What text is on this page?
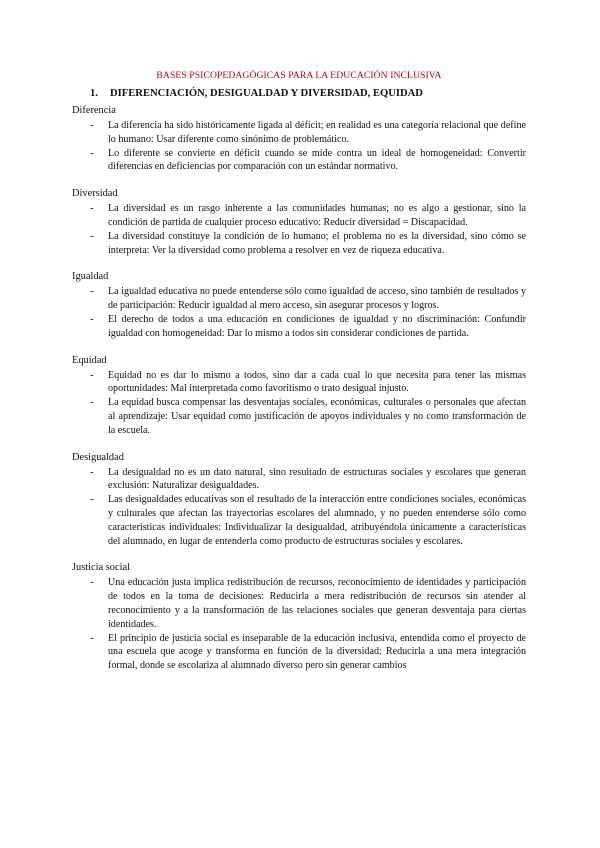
BASES PSICOPEDAGÓGICAS PARA LA EDUCACIÓN INCLUSIVA
1.	DIFERENCIACIÓN, DESIGUALDAD Y DIVERSIDAD, EQUIDAD
Diferencia
- La diferencia ha sido históricamente ligada al déficit; en realidad es una categoría relacional que define lo humano: Usar diferente como sinónimo de problemático.
- Lo diferente se convierte en déficit cuando se mide contra un ideal de homogeneidad: Convertir diferencias en deficiencias por comparación con un estándar normativo.
Diversidad
- La diversidad es un rasgo inherente a las comunidades humanas; no es algo a gestionar, sino la condición de partida de cualquier proceso educativo: Reducir diversidad = Discapacidad.
- La diversidad constituye la condición de lo humano; el problema no es la diversidad, sino cómo se interpreta: Ver la diversidad como problema a resolver en vez de riqueza educativa.
Igualdad
- La igualdad educativa no puede entenderse sólo como igualdad de acceso, sino también de resultados y de participación: Reducir igualdad al mero acceso, sin asegurar procesos y logros.
- El derecho de todos a una educación en condiciones de igualdad y no discriminación: Confundir igualdad con homogeneidad: Dar lo mismo a todos sin considerar condiciones de partida.
Equidad
- Equidad no es dar lo mismo a todos, sino dar a cada cual lo que necesita para tener las mismas oportunidades: Mal interpretada como favoritismo o trato desigual injusto.
- La equidad busca compensar las desventajas sociales, económicas, culturales o personales que afectan al aprendizaje: Usar equidad como justificación de apoyos individuales y no como transformación de la escuela.
Desigualdad
- La desigualdad no es un dato natural, sino resultado de estructuras sociales y escolares que generan exclusión: Naturalizar desigualdades.
- Las desigualdades educativas son el resultado de la interacción entre condiciones sociales, económicas y culturales que afectan las trayectorias escolares del alumnado, y no pueden entenderse sólo como características individuales: Individualizar la desigualdad, atribuyéndola únicamente a características del alumnado, en lugar de entenderla como producto de estructuras sociales y escolares.
Justicia social
- Una educación justa implica redistribución de recursos, reconocimiento de identidades y participación de todos en la toma de decisiones: Reducirla a mera redistribución de recursos sin atender al reconocimiento y a la transformación de las relaciones sociales que generan desventaja para ciertas identidades.
- El principio de justicia social es inseparable de la educación inclusiva, entendida como el proyecto de una escuela que acoge y transforma en función de la diversidad: Reducirla a una mera integración formal, donde se escolariza al alumnado diverso pero sin generar cambios
